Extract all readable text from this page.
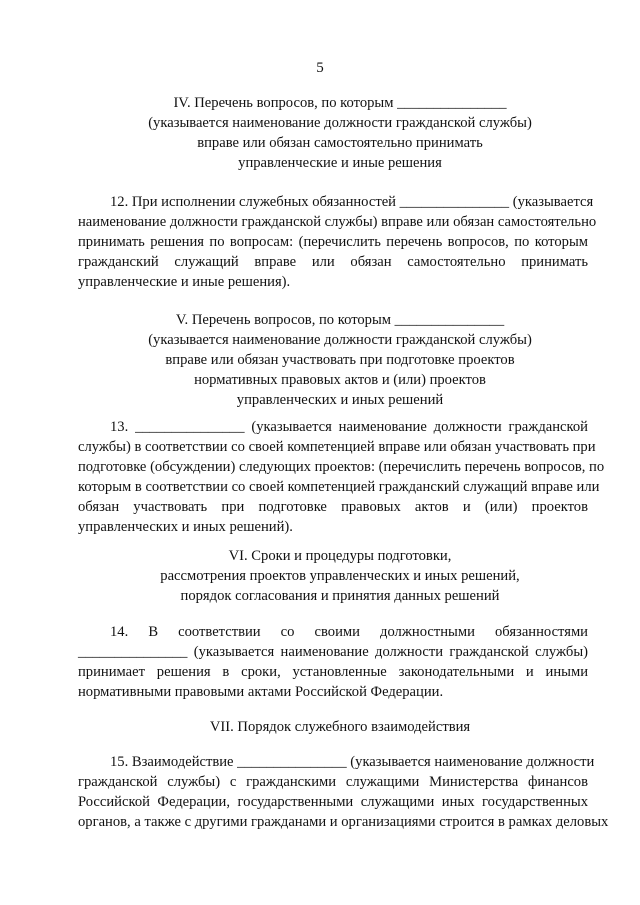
5
IV. Перечень вопросов, по которым _______________
(указывается наименование должности гражданской службы)
вправе или обязан самостоятельно принимать
управленческие и иные решения
12. При исполнении служебных обязанностей _______________ (указывается
наименование должности гражданской службы) вправе или обязан самостоятельно
принимать решения по вопросам: (перечислить перечень вопросов, по которым
гражданский служащий вправе или обязан самостоятельно принимать
управленческие и иные решения).
V. Перечень вопросов, по которым _______________
(указывается наименование должности гражданской службы)
вправе или обязан участвовать при подготовке проектов
нормативных правовых актов и (или) проектов
управленческих и иных решений
13. _______________ (указывается наименование должности гражданской
службы) в соответствии со своей компетенцией вправе или обязан участвовать при
подготовке (обсуждении) следующих проектов: (перечислить перечень вопросов, по
которым в соответствии со своей компетенцией гражданский служащий вправе или
обязан участвовать при подготовке правовых актов и (или) проектов
управленческих и иных решений).
VI. Сроки и процедуры подготовки,
рассмотрения проектов управленческих и иных решений,
порядок согласования и принятия данных решений
14. В соответствии со своими должностными обязанностями
_______________ (указывается наименование должности гражданской службы)
принимает решения в сроки, установленные законодательными и иными
нормативными правовыми актами Российской Федерации.
VII. Порядок служебного взаимодействия
15. Взаимодействие _______________ (указывается наименование должности
гражданской службы) с гражданскими служащими Министерства финансов
Российской Федерации, государственными служащими иных государственных
органов, а также с другими гражданами и организациями строится в рамках деловых
